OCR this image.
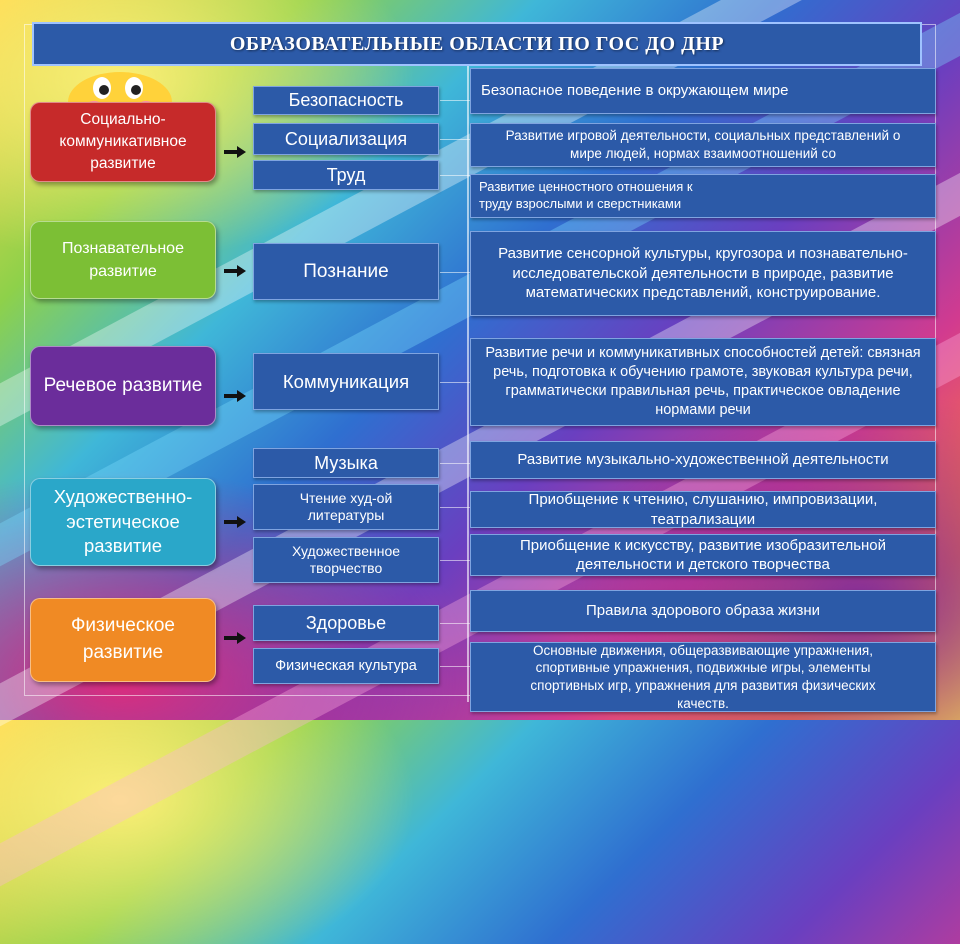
ОБРАЗОВАТЕЛЬНЫЕ ОБЛАСТИ ПО ГОС ДО ДНР
Социально-коммуникативное развитие
Познавательное развитие
Речевое развитие
Художественно-эстетическое развитие
Физическое развитие
Безопасность
Социализация
Труд
Познание
Коммуникация
Музыка
Чтение худ-ой литературы
Художественное творчество
Здоровье
Физическая культура
Безопасное поведение в окружающем мире
Развитие игровой деятельности, социальных представлений о мире людей, нормах взаимоотношений со
Развитие ценностного отношения к труду взрослыми и сверстниками
Развитие сенсорной культуры, кругозора и познавательно-исследовательской деятельности в природе, развитие математических представлений, конструирование.
Развитие речи и коммуникативных способностей детей: связная речь, подготовка к обучению грамоте, звуковая культура речи, грамматически правильная речь, практическое овладение нормами речи
Развитие музыкально-художественной деятельности
Приобщение к чтению, слушанию, импровизации, театрализации
Приобщение к искусству, развитие изобразительной деятельности и детского творчества
Правила здорового образа жизни
Основные движения, общеразвивающие упражнения, спортивные упражнения, подвижные игры, элементы спортивных игр, упражнения для развития физических качеств.
